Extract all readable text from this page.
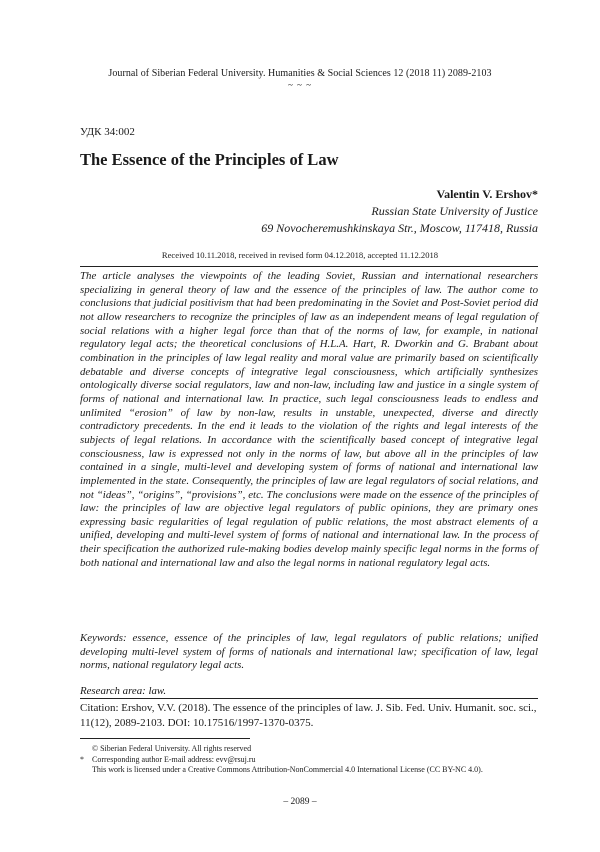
Journal of Siberian Federal University. Humanities & Social Sciences 12 (2018 11) 2089-2103
~ ~ ~
УДК 34:002
The Essence of the Principles of Law
Valentin V. Ershov*
Russian State University of Justice
69 Novocheremushkinskaya Str., Moscow, 117418, Russia
Received 10.11.2018, received in revised form 04.12.2018, accepted 11.12.2018

The article analyses the viewpoints of the leading Soviet, Russian and international researchers specializing in general theory of law and the essence of the principles of law. The author come to conclusions that judicial positivism that had been predominating in the Soviet and Post-Soviet period did not allow researchers to recognize the principles of law as an independent means of legal regulation of social relations with a higher legal force than that of the norms of law, for example, in national regulatory legal acts; the theoretical conclusions of H.L.A. Hart, R. Dworkin and G. Brabant about combination in the principles of law legal reality and moral value are primarily based on scientifically debatable and diverse concepts of integrative legal consciousness, which artificially synthesizes ontologically diverse social regulators, law and non-law, including law and justice in a single system of forms of national and international law. In practice, such legal consciousness leads to endless and unlimited “erosion” of law by non-law, results in unstable, unexpected, diverse and directly contradictory precedents. In the end it leads to the violation of the rights and legal interests of the subjects of legal relations. In accordance with the scientifically based concept of integrative legal consciousness, law is expressed not only in the norms of law, but above all in the principles of law contained in a single, multi-level and developing system of forms of national and international law implemented in the state. Consequently, the principles of law are legal regulators of social relations, and not “ideas”, “origins”, “provisions”, etc. The conclusions were made on the essence of the principles of law: the principles of law are objective legal regulators of public opinions, they are primary ones expressing basic regularities of legal regulation of public relations, the most abstract elements of a unified, developing and multi-level system of forms of national and international law. In the process of their specification the authorized rule-making bodies develop mainly specific legal norms in the forms of both national and international law and also the legal norms in national regulatory legal acts.

Keywords: essence, essence of the principles of law, legal regulators of public relations; unified developing multi-level system of forms of nationals and international law; specification of law, legal norms, national regulatory legal acts.

Research area: law.
Citation: Ershov, V.V. (2018). The essence of the principles of law. J. Sib. Fed. Univ. Humanit. soc. sci., 11(12), 2089-2103. DOI: 10.17516/1997-1370-0375.
© Siberian Federal University. All rights reserved
* Corresponding author E-mail address: evv@rsuj.ru
This work is licensed under a Creative Commons Attribution-NonCommercial 4.0 International License (CC BY-NC 4.0).
– 2089 –
